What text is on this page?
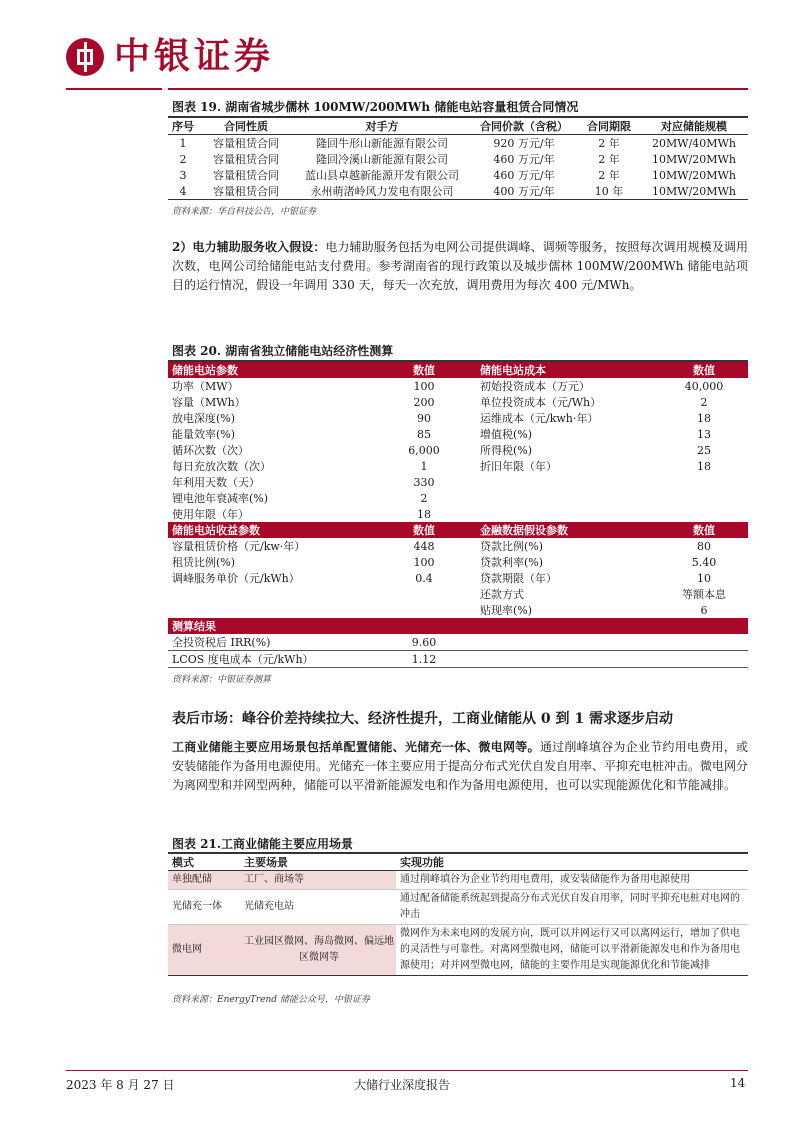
中银证券
图表 19. 湖南省城步儒林 100MW/200MWh 储能电站容量租赁合同情况
序号	合同性质	对手方	合同价款（含税）	合同期限	对应储能规模
1	容量租赁合同	隆回牛形山新能源有限公司	920 万元/年	2 年	20MW/40MWh
2	容量租赁合同	隆回冷溪山新能源有限公司	460 万元/年	2 年	10MW/20MWh
3	容量租赁合同	蓝山县卓越新能源开发有限公司	460 万元/年	2 年	10MW/20MWh
4	容量租赁合同	永州萌渚岭风力发电有限公司	400 万元/年	10 年	10MW/20MWh
资料来源：华自科技公告，中银证券
2）电力辅助服务收入假设：电力辅助服务包括为电网公司提供调峰、调频等服务，按照每次调用规模及调用次数，电网公司给储能电站支付费用。参考湖南省的现行政策以及城步儒林 100MW/200MWh 储能电站项目的运行情况，假设一年调用 330 天，每天一次充放，调用费用为每次 400 元/MWh。
图表 20. 湖南省独立储能电站经济性测算
储能电站参数	数值	储能电站成本	数值
功率（MW）	100	初始投资成本（万元）	40,000
容量（MWh）	200	单位投资成本（元/Wh）	2
放电深度(%)	90	运维成本（元/kwh·年）	18
能量效率(%)	85	增值税(%)	13
循环次数（次）	6,000	所得税(%)	25
每日充放次数（次）	1	折旧年限（年）	18
年利用天数（天）	330		
锂电池年衰减率(%)	2		
使用年限（年）	18		
储能电站收益参数	数值	金融数据假设参数	数值
容量租赁价格（元/kw·年）	448	贷款比例(%)	80
租赁比例(%)	100	贷款利率(%)	5.40
调峰服务单价（元/kWh）	0.4	贷款期限（年）	10
		还款方式	等额本息
		贴现率(%)	6
测算结果			
全投资税后 IRR(%)	9.60		
LCOS 度电成本（元/kWh）	1.12		
资料来源：中银证券测算
表后市场：峰谷价差持续拉大、经济性提升，工商业储能从 0 到 1 需求逐步启动
工商业储能主要应用场景包括单配置储能、光储充一体、微电网等。通过削峰填谷为企业节约用电费用，或安装储能作为备用电源使用。光储充一体主要应用于提高分布式光伏自发自用率、平抑充电桩冲击。微电网分为离网型和并网型两种，储能可以平滑新能源发电和作为备用电源使用，也可以实现能源优化和节能减排。
图表 21.工商业储能主要应用场景
模式	主要场景	实现功能
单独配储	工厂、商场等	通过削峰填谷为企业节约用电费用，或安装储能作为备用电源使用
光储充一体	光储充电站	通过配备储能系统起到提高分布式光伏自发自用率，同时平抑充电桩对电网的冲击
微电网	工业园区微网、海岛微网、偏远地区微网等	微网作为未来电网的发展方向，既可以并网运行又可以离网运行，增加了供电的灵活性与可靠性。对离网型微电网，储能可以平滑新能源发电和作为备用电源使用；对并网型微电网，储能的主要作用是实现能源优化和节能减排
资料来源：EnergyTrend 储能公众号，中银证券
2023 年 8 月 27 日	大储行业深度报告	14
